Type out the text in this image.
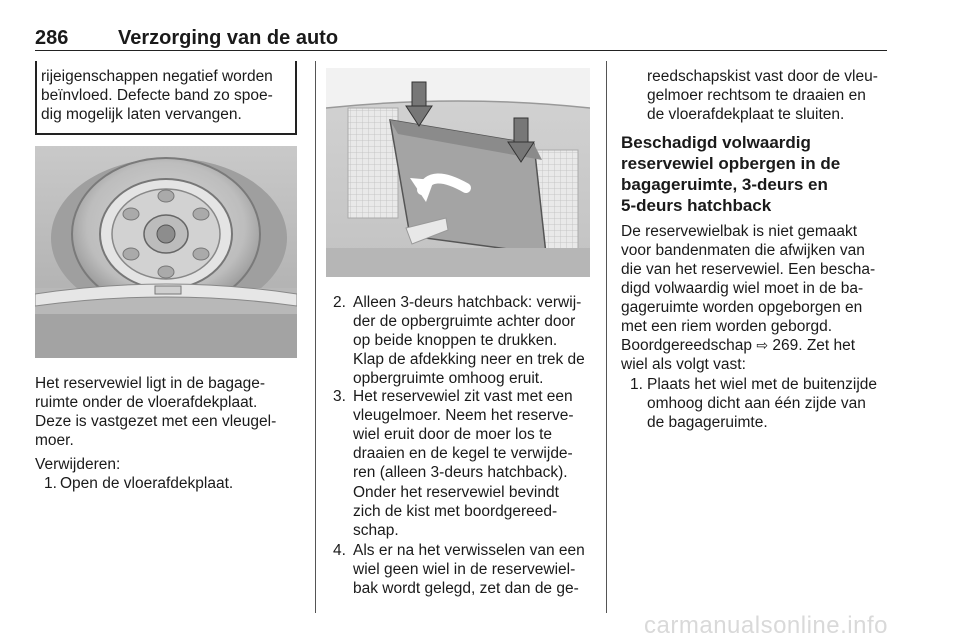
286 Verzorging van de auto
rijeigenschappen negatief worden
beïnvloed. Defecte band zo spoe-
dig mogelijk laten vervangen.
Het reservewiel ligt in de bagage-
ruimte onder de vloerafdekplaat.
Deze is vastgezet met een vleugel-
moer.
Verwijderen:
1. Open de vloerafdekplaat.
2. Alleen 3-deurs hatchback: verwij-
der de opbergruimte achter door
op beide knoppen te drukken.
Klap de afdekking neer en trek de
opbergruimte omhoog eruit.
3. Het reservewiel zit vast met een
vleugelmoer. Neem het reserve-
wiel eruit door de moer los te
draaien en de kegel te verwijde-
ren (alleen 3-deurs hatchback).
Onder het reservewiel bevindt
zich de kist met boordgereed-
schap.
4. Als er na het verwisselen van een
wiel geen wiel in de reservewiel-
bak wordt gelegd, zet dan de ge-
reedschapskist vast door de vleu-
gelmoer rechtsom te draaien en
de vloerafdekplaat te sluiten.
Beschadigd volwaardig
reservewiel opbergen in de
bagageruimte, 3-deurs en
5-deurs hatchback
De reservewielbak is niet gemaakt
voor bandenmaten die afwijken van
die van het reservewiel. Een bescha-
digd volwaardig wiel moet in de ba-
gageruimte worden opgeborgen en
met een riem worden geborgd.
Boordgereedschap ⇨ 269. Zet het
wiel als volgt vast:
1. Plaats het wiel met de buitenzijde
omhoog dicht aan één zijde van
de bagageruimte.
carmanualsonline.info
